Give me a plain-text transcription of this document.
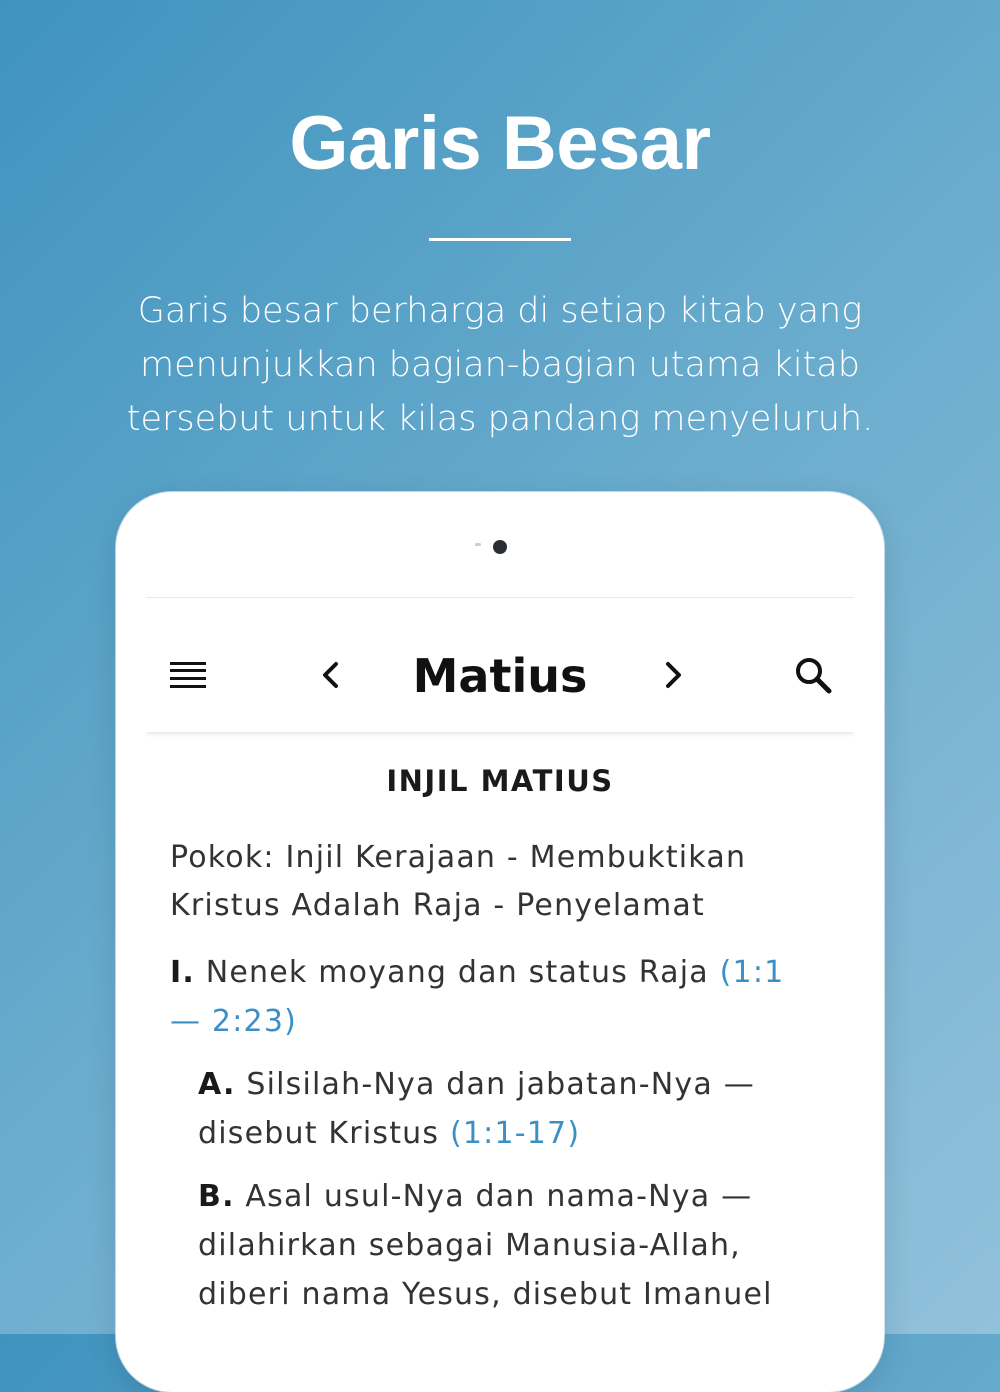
Garis Besar
Garis besar berharga di setiap kitab yang menunjukkan bagian-bagian utama kitab tersebut untuk kilas pandang menyeluruh.
Matius
INJIL MATIUS
Pokok: Injil Kerajaan - Membuktikan Kristus Adalah Raja - Penyelamat
I. Nenek moyang dan status Raja (1:1 — 2:23)
A. Silsilah-Nya dan jabatan-Nya — disebut Kristus (1:1-17)
B. Asal usul-Nya dan nama-Nya — dilahirkan sebagai Manusia-Allah, diberi nama Yesus, disebut Imanuel
